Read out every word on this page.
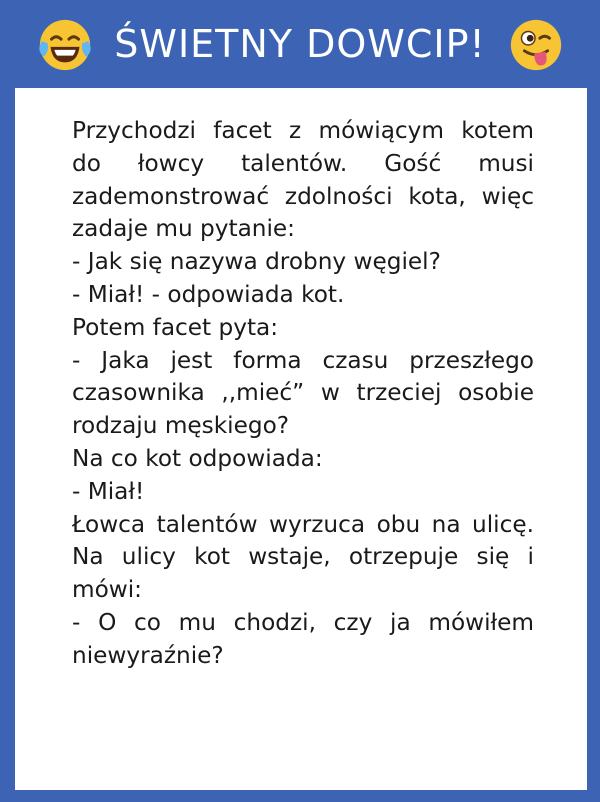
ŚWIETNY DOWCIP!
Przychodzi facet z mówiącym kotem
do łowcy talentów. Gość musi
zademonstrować zdolności kota, więc
zadaje mu pytanie:
- Jak się nazywa drobny węgiel?
- Miał! - odpowiada kot.
Potem facet pyta:
- Jaka jest forma czasu przeszłego
czasownika ,,mieć” w trzeciej osobie
rodzaju męskiego?
Na co kot odpowiada:
- Miał!
Łowca talentów wyrzuca obu na ulicę.
Na ulicy kot wstaje, otrzepuje się i
mówi:
- O co mu chodzi, czy ja mówiłem
niewyraźnie?
